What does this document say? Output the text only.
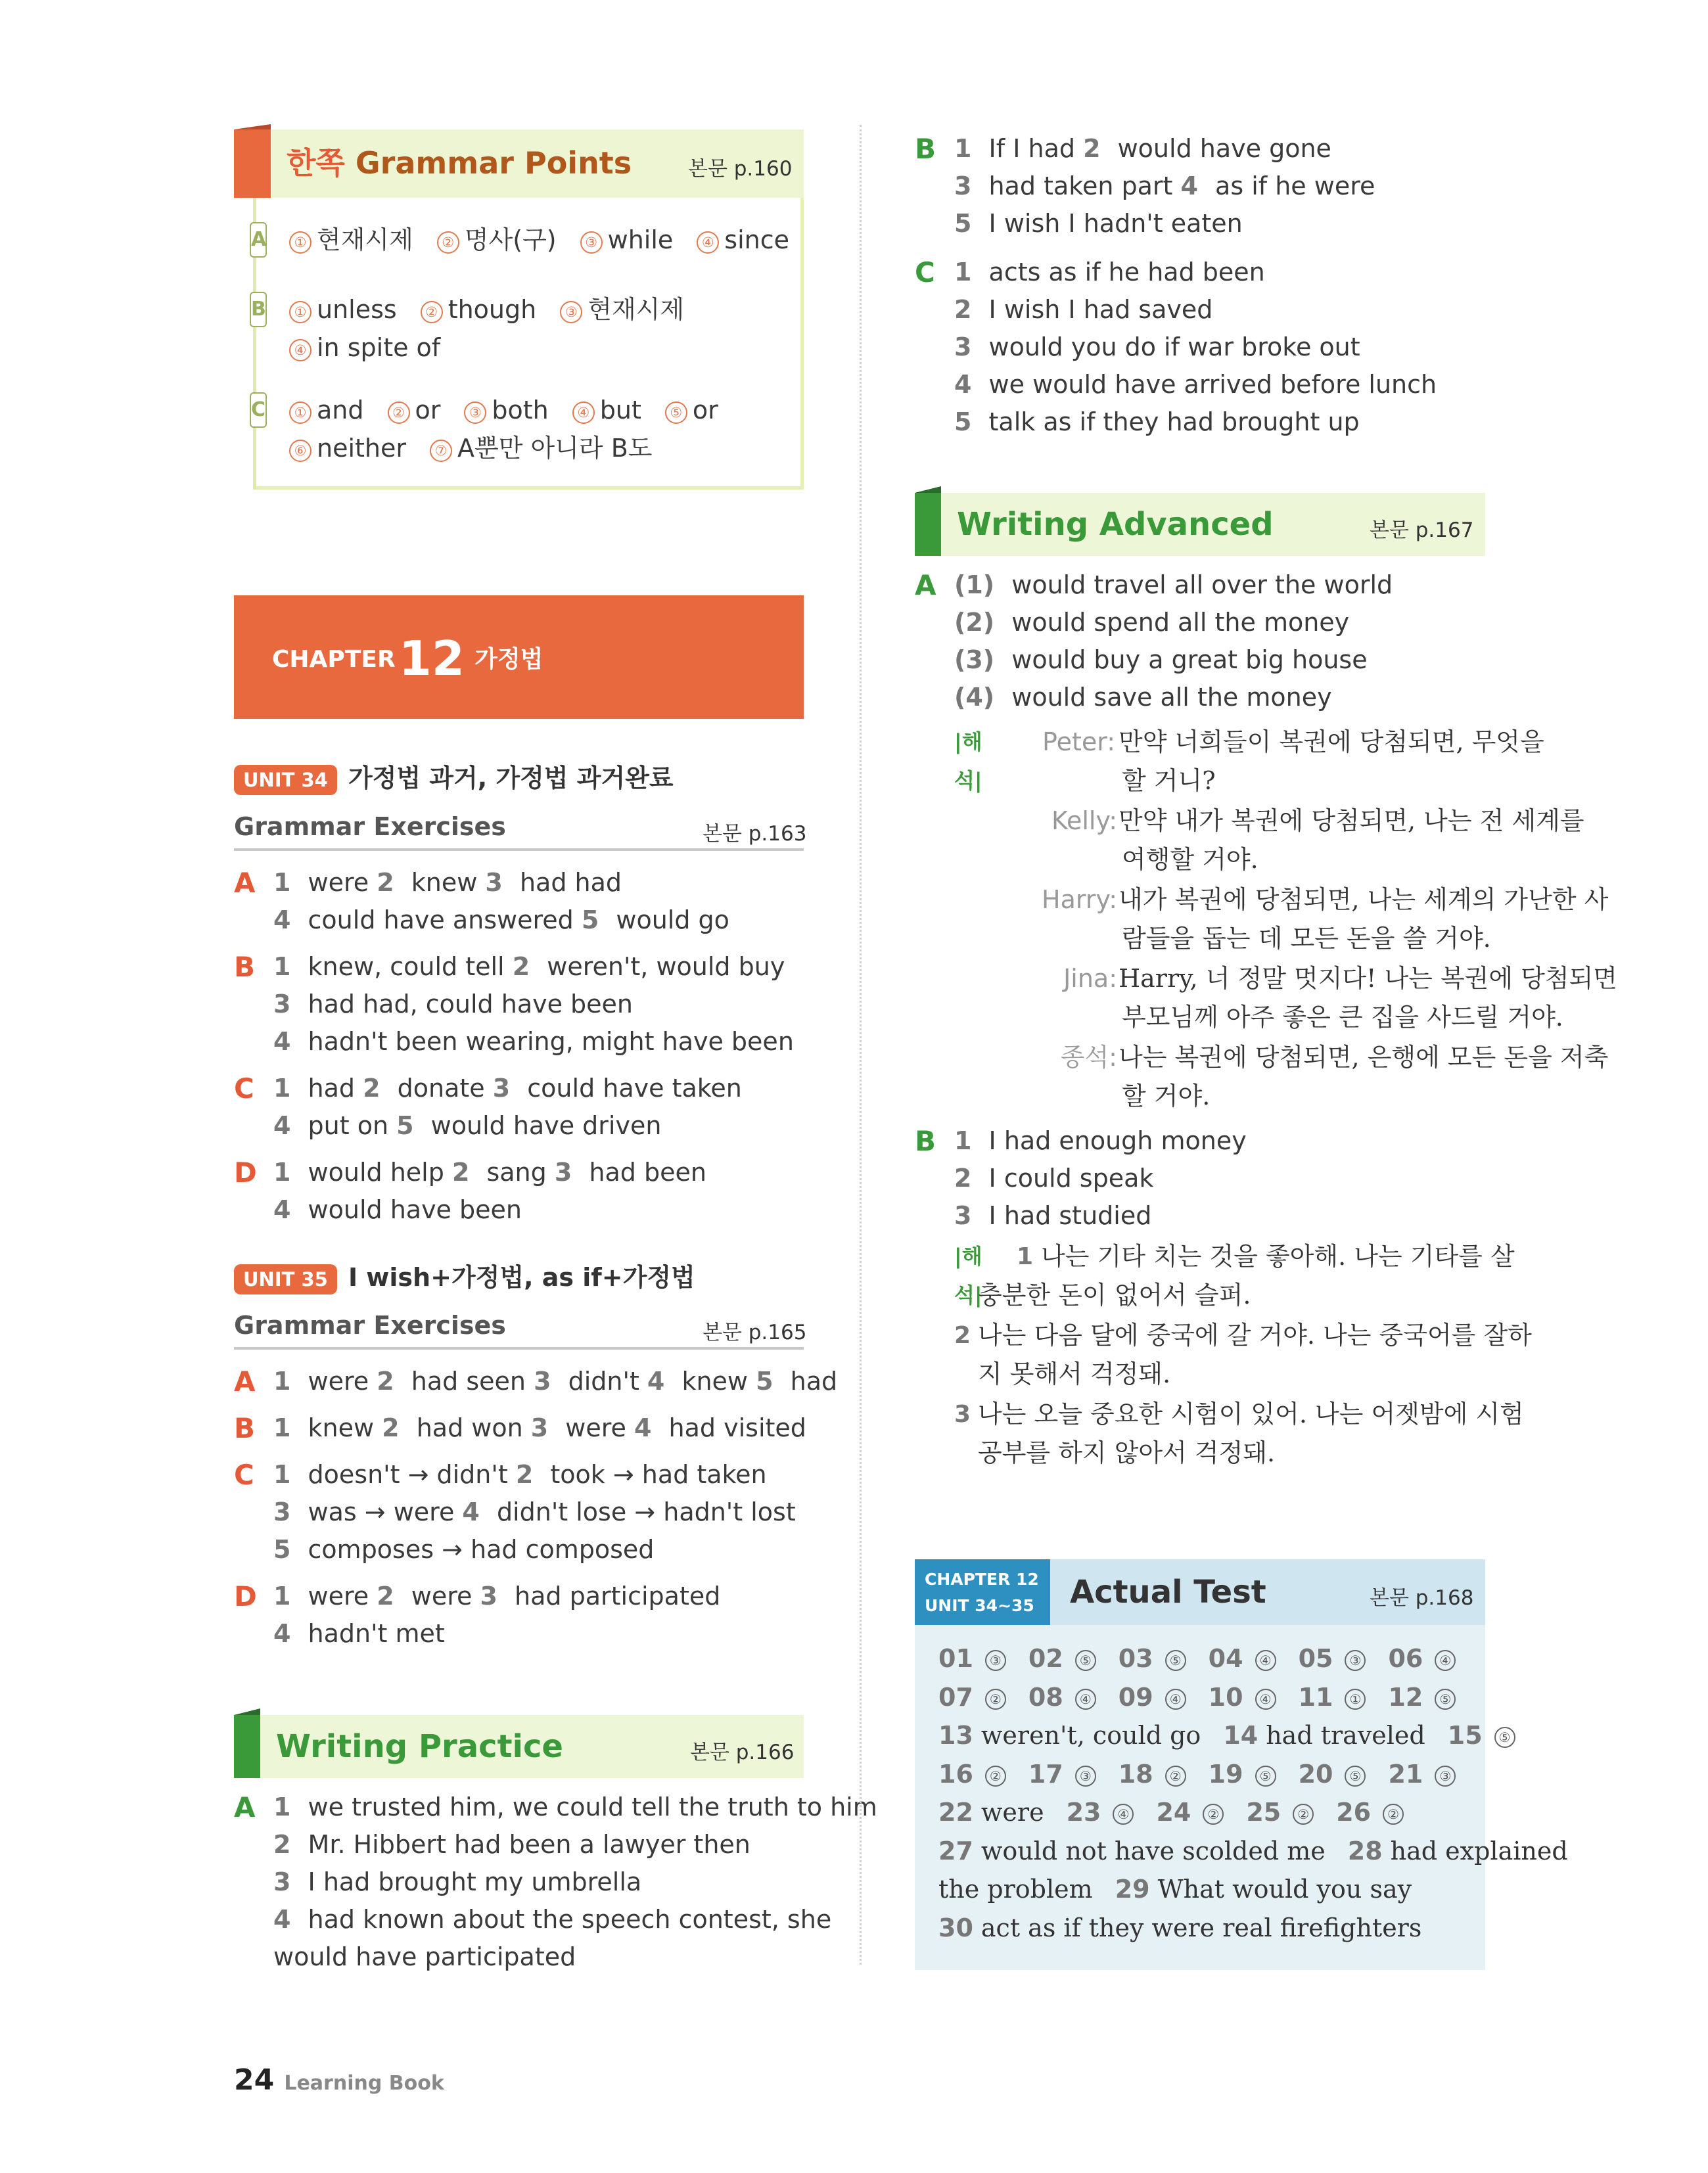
한쪽 Grammar Points	본문 p.160
A	① 현재시제 ② 명사(구) ③ while ④ since
B	① unless ② though ③ 현재시제
④ in spite of
C	① and ② or ③ both ④ but ⑤ or
⑥ neither ⑦ A뿐만 아니라 B도
CHAPTER 12 가정법
UNIT 34 가정법 과거, 가정법 과거완료
Grammar Exercises	본문 p.163
A 1 were 2 knew 3 had had
4 could have answered 5 would go
B 1 knew, could tell 2 weren't, would buy
3 had had, could have been
4 hadn't been wearing, might have been
C 1 had 2 donate 3 could have taken
4 put on 5 would have driven
D 1 would help 2 sang 3 had been
4 would have been
UNIT 35 I wish+가정법, as if+가정법
Grammar Exercises	본문 p.165
A 1 were 2 had seen 3 didn't 4 knew 5 had
B 1 knew 2 had won 3 were 4 had visited
C 1 doesn't → didn't 2 took → had taken
3 was → were 4 didn't lose → hadn't lost
5 composes → had composed
D 1 were 2 were 3 had participated
4 hadn't met
Writing Practice	본문 p.166
A 1 we trusted him, we could tell the truth to him
2 Mr. Hibbert had been a lawyer then
3 I had brought my umbrella
4 had known about the speech contest, she
would have participated
24 Learning Book
B 1 If I had 2 would have gone
3 had taken part 4 as if he were
5 I wish I hadn't eaten
C 1 acts as if he had been
2 I wish I had saved
3 would you do if war broke out
4 we would have arrived before lunch
5 talk as if they had brought up
Writing Advanced	본문 p.167
A (1) would travel all over the world
(2) would spend all the money
(3) would buy a great big house
(4) would save all the money
|해석|
Peter: 만약 너희들이 복권에 당첨되면, 무엇을
할 거니?
Kelly: 만약 내가 복권에 당첨되면, 나는 전 세계를
여행할 거야.
Harry: 내가 복권에 당첨되면, 나는 세계의 가난한 사
람들을 돕는 데 모든 돈을 쓸 거야.
Jina: Harry, 너 정말 멋지다! 나는 복권에 당첨되면
부모님께 아주 좋은 큰 집을 사드릴 거야.
종석: 나는 복권에 당첨되면, 은행에 모든 돈을 저축
할 거야.
B 1 I had enough money
2 I could speak
3 I had studied
|해석|
1 나는 기타 치는 것을 좋아해. 나는 기타를 살
충분한 돈이 없어서 슬퍼.
2 나는 다음 달에 중국에 갈 거야. 나는 중국어를 잘하
지 못해서 걱정돼.
3 나는 오늘 중요한 시험이 있어. 나는 어젯밤에 시험
공부를 하지 않아서 걱정돼.
CHAPTER 12
UNIT 34~35 Actual Test	본문 p.168
01 ③ 02 ⑤ 03 ⑤ 04 ④ 05 ③ 06 ④
07 ② 08 ④ 09 ④ 10 ④ 11 ① 12 ⑤
13 weren't, could go 14 had traveled 15 ⑤
16 ② 17 ③ 18 ② 19 ⑤ 20 ⑤ 21 ③
22 were 23 ④ 24 ② 25 ② 26 ②
27 would not have scolded me 28 had explained
the problem 29 What would you say
30 act as if they were real firefighters
